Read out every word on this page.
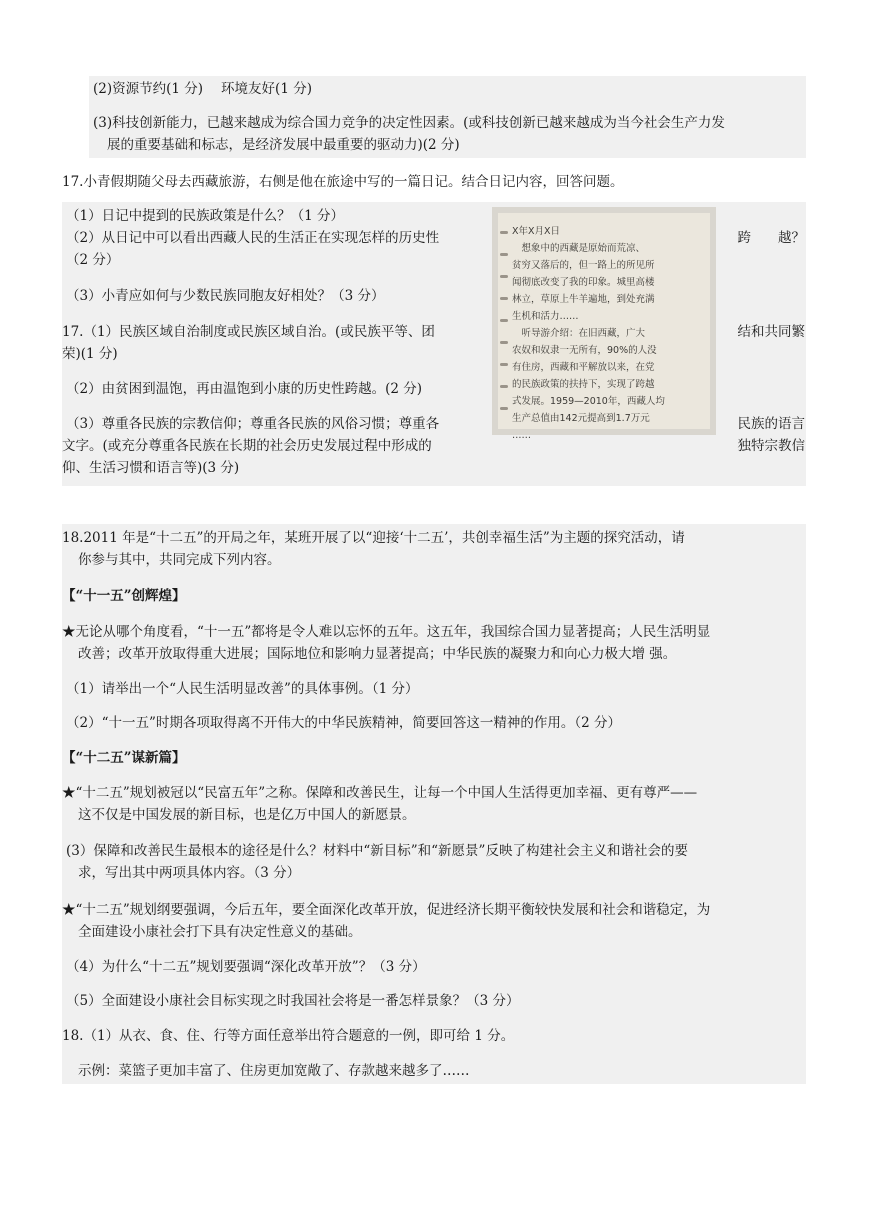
(2)资源节约(1 分) 环境友好(1 分)
(3)科技创新能力，已越来越成为综合国力竞争的决定性因素。(或科技创新已越来越成为当今社会生产力发
展的重要基础和标志，是经济发展中最重要的驱动力)(2 分)
17.小青假期随父母去西藏旅游，右侧是他在旅途中写的一篇日记。结合日记内容，回答问题。
（1）日记中提到的民族政策是什么？（1 分）
（2）从日记中可以看出西藏人民的生活正在实现怎样的历史性	跨　　越？
（2 分）
（3）小青应如何与少数民族同胞友好相处？（3 分）
17.（1）民族区域自治制度或民族区域自治。(或民族平等、团	结和共同繁
荣)(1 分)
（2）由贫困到温饱，再由温饱到小康的历史性跨越。(2 分)
（3）尊重各民族的宗教信仰；尊重各民族的风俗习惯；尊重各	民族的语言
文字。(或充分尊重各民族在长期的社会历史发展过程中形成的	独特宗教信
仰、生活习惯和语言等)(3 分)
X年X月X日
　想象中的西藏是原始而荒凉、
贫穷又落后的，但一路上的所见所
闻彻底改变了我的印象。城里高楼
林立，草原上牛羊遍地，到处充满
生机和活力……
　听导游介绍：在旧西藏，广大
农奴和奴隶一无所有，90%的人没
有住房，西藏和平解放以来，在党
的民族政策的扶持下，实现了跨越
式发展。1959—2010年，西藏人均
生产总值由142元提高到1.7万元
……
18.2011 年是“十二五”的开局之年，某班开展了以“迎接‘十二五’，共创幸福生活”为主题的探究活动，请
你参与其中，共同完成下列内容。
【“十一五”创辉煌】
★无论从哪个角度看，“十一五”都将是令人难以忘怀的五年。这五年，我国综合国力显著提高；人民生活明显
改善；改革开放取得重大进展；国际地位和影响力显著提高；中华民族的凝聚力和向心力极大增 强。
（1）请举出一个“人民生活明显改善”的具体事例。（1 分）
（2）“十一五”时期各项取得离不开伟大的中华民族精神，简要回答这一精神的作用。（2 分）
【“十二五”谋新篇】
★“十二五”规划被冠以“民富五年”之称。保障和改善民生，让每一个中国人生活得更加幸福、更有尊严——
这不仅是中国发展的新目标，也是亿万中国人的新愿景。
(3）保障和改善民生最根本的途径是什么？材料中“新目标”和“新愿景”反映了构建社会主义和谐社会的要
求，写出其中两项具体内容。（3 分）
★“十二五”规划纲要强调，今后五年，要全面深化改革开放，促进经济长期平衡较快发展和社会和谐稳定，为
全面建设小康社会打下具有决定性意义的基础。
（4）为什么“十二五”规划要强调“深化改革开放”？（3 分）
（5）全面建设小康社会目标实现之时我国社会将是一番怎样景象？（3 分）
18.（1）从衣、食、住、行等方面任意举出符合题意的一例，即可给 1 分。
示例：菜篮子更加丰富了、住房更加宽敞了、存款越来越多了……
